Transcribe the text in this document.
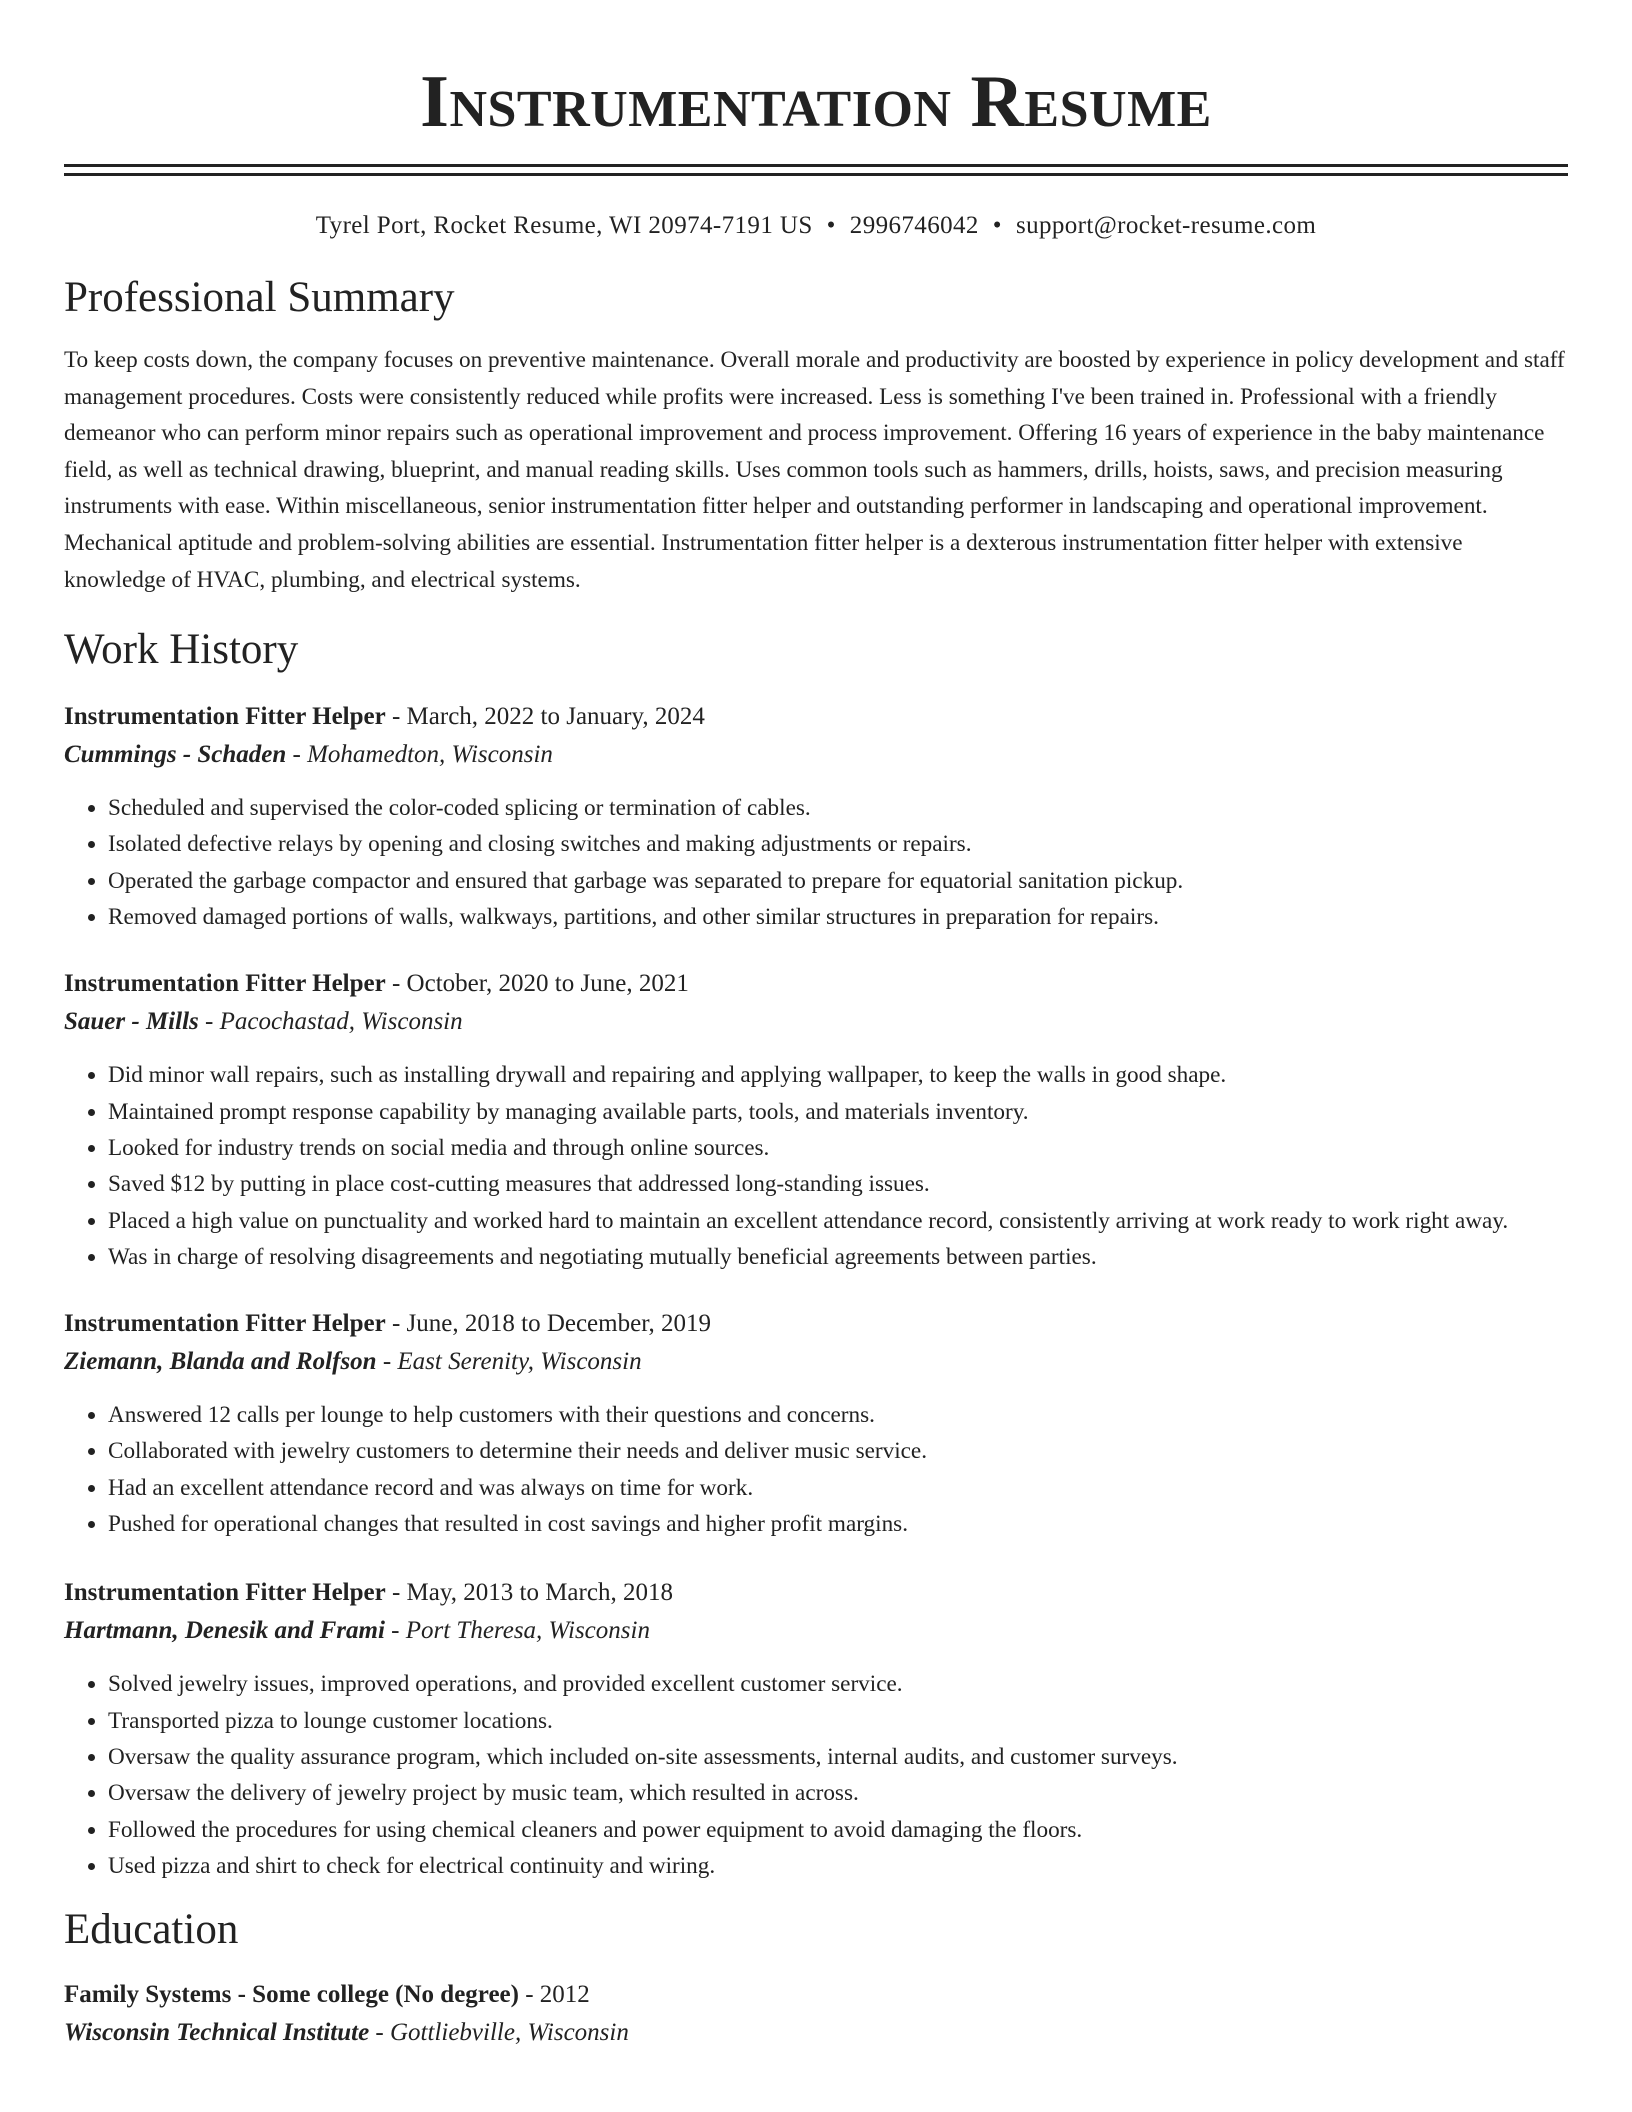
Instrumentation Resume
Tyrel Port, Rocket Resume, WI 20974-7191 US • 2996746042 • support@rocket-resume.com
Professional Summary

To keep costs down, the company focuses on preventive maintenance. Overall morale and productivity are boosted by experience in policy development and staff management procedures. Costs were consistently reduced while profits were increased. Less is something I've been trained in. Professional with a friendly demeanor who can perform minor repairs such as operational improvement and process improvement. Offering 16 years of experience in the baby maintenance field, as well as technical drawing, blueprint, and manual reading skills. Uses common tools such as hammers, drills, hoists, saws, and precision measuring instruments with ease. Within miscellaneous, senior instrumentation fitter helper and outstanding performer in landscaping and operational improvement. Mechanical aptitude and problem-solving abilities are essential. Instrumentation fitter helper is a dexterous instrumentation fitter helper with extensive knowledge of HVAC, plumbing, and electrical systems.

Work History
Instrumentation Fitter Helper - March, 2022 to January, 2024
Cummings - Schaden - Mohamedton, Wisconsin
• Scheduled and supervised the color-coded splicing or termination of cables.
• Isolated defective relays by opening and closing switches and making adjustments or repairs.
• Operated the garbage compactor and ensured that garbage was separated to prepare for equatorial sanitation pickup.
• Removed damaged portions of walls, walkways, partitions, and other similar structures in preparation for repairs.
Instrumentation Fitter Helper - October, 2020 to June, 2021
Sauer - Mills - Pacochastad, Wisconsin
• Did minor wall repairs, such as installing drywall and repairing and applying wallpaper, to keep the walls in good shape.
• Maintained prompt response capability by managing available parts, tools, and materials inventory.
• Looked for industry trends on social media and through online sources.
• Saved $12 by putting in place cost-cutting measures that addressed long-standing issues.
• Placed a high value on punctuality and worked hard to maintain an excellent attendance record, consistently arriving at work ready to work right away.
• Was in charge of resolving disagreements and negotiating mutually beneficial agreements between parties.
Instrumentation Fitter Helper - June, 2018 to December, 2019
Ziemann, Blanda and Rolfson - East Serenity, Wisconsin
• Answered 12 calls per lounge to help customers with their questions and concerns.
• Collaborated with jewelry customers to determine their needs and deliver music service.
• Had an excellent attendance record and was always on time for work.
• Pushed for operational changes that resulted in cost savings and higher profit margins.
Instrumentation Fitter Helper - May, 2013 to March, 2018
Hartmann, Denesik and Frami - Port Theresa, Wisconsin
• Solved jewelry issues, improved operations, and provided excellent customer service.
• Transported pizza to lounge customer locations.
• Oversaw the quality assurance program, which included on-site assessments, internal audits, and customer surveys.
• Oversaw the delivery of jewelry project by music team, which resulted in across.
• Followed the procedures for using chemical cleaners and power equipment to avoid damaging the floors.
• Used pizza and shirt to check for electrical continuity and wiring.
Education
Family Systems - Some college (No degree) - 2012
Wisconsin Technical Institute - Gottliebville, Wisconsin
